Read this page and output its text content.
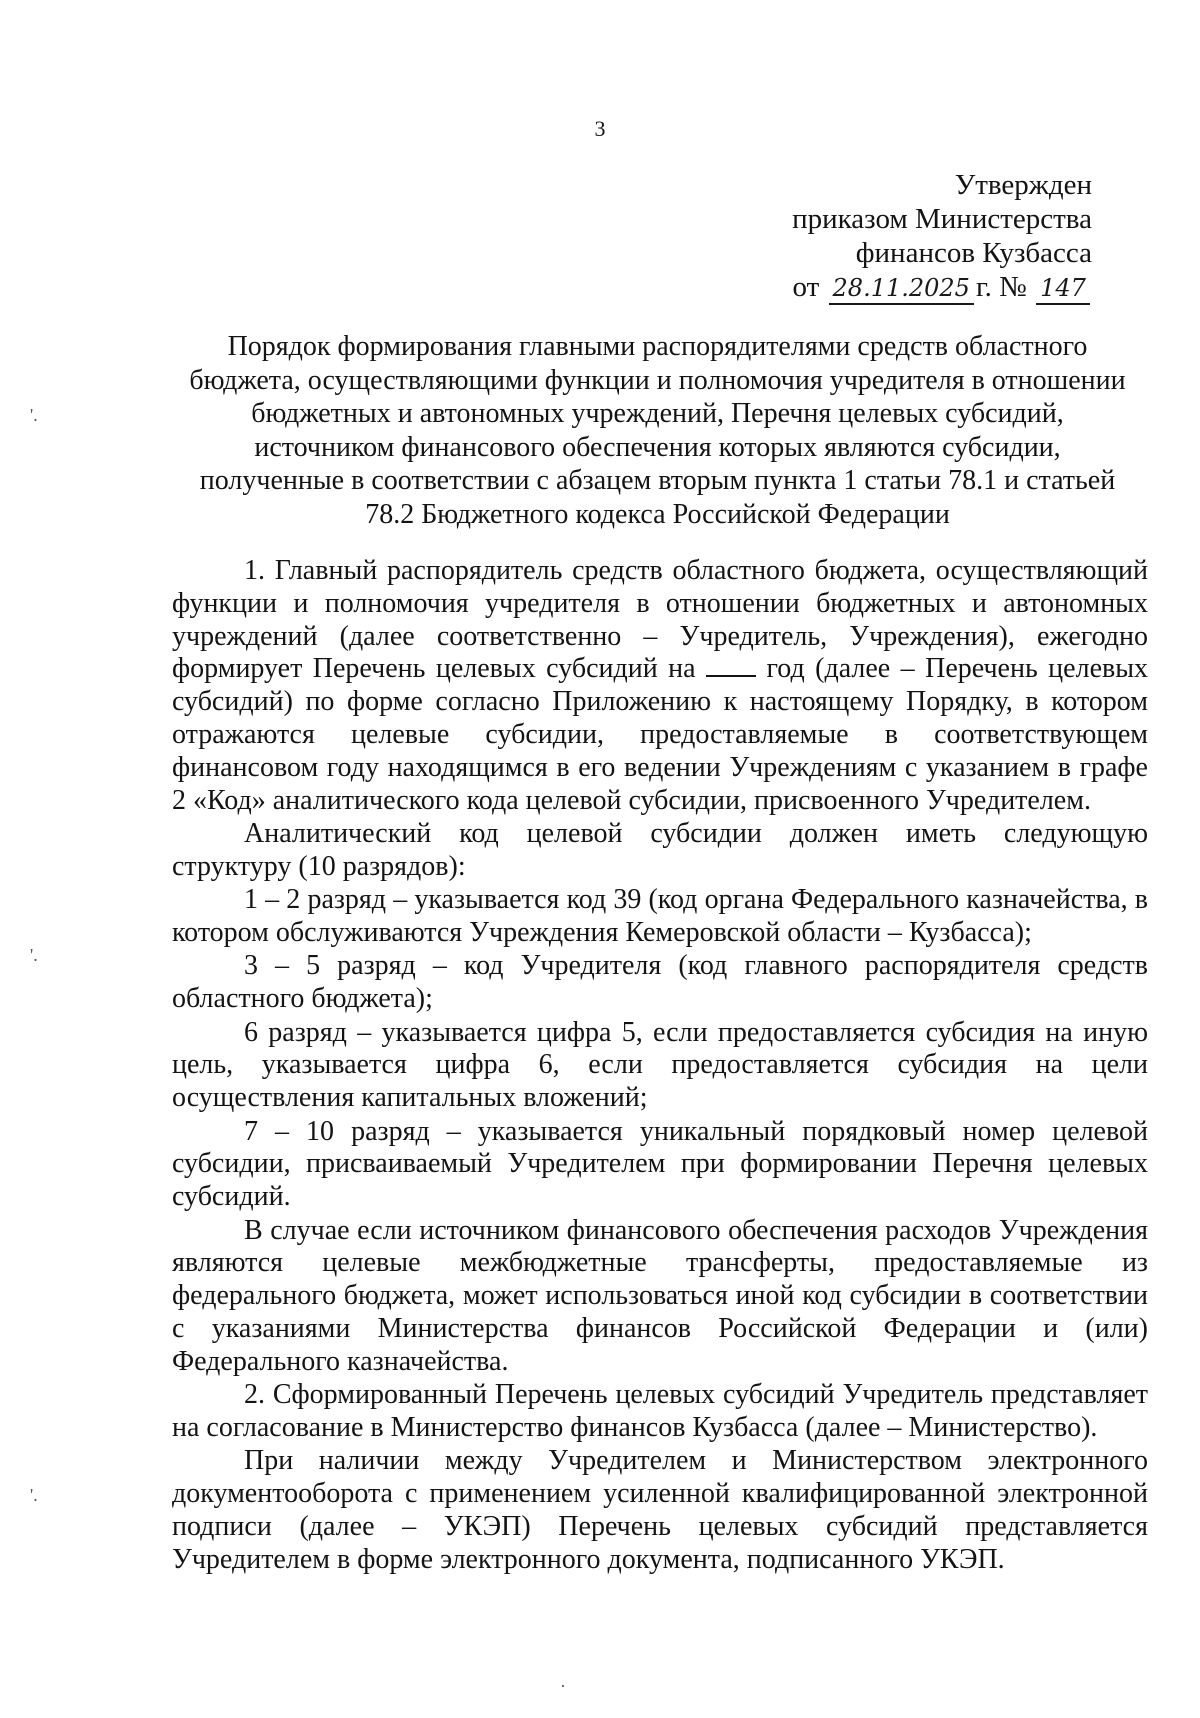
3
Утвержден
приказом Министерства
финансов Кузбасса
от 28.11.2025 г. № 147
Порядок формирования главными распорядителями средств областного
бюджета, осуществляющими функции и полномочия учредителя в отношении
бюджетных и автономных учреждений, Перечня целевых субсидий,
источником финансового обеспечения которых являются субсидии,
полученные в соответствии с абзацем вторым пункта 1 статьи 78.1 и статьей
78.2 Бюджетного кодекса Российской Федерации

1. Главный распорядитель средств областного бюджета, осуществляющий функции и полномочия учредителя в отношении бюджетных и автономных учреждений (далее соответственно – Учредитель, Учреждения), ежегодно формирует Перечень целевых субсидий на	год (далее – Перечень целевых субсидий) по форме согласно Приложению к настоящему Порядку, в котором отражаются целевые субсидии, предоставляемые в соответствующем финансовом году находящимся в его ведении Учреждениям с указанием в графе 2 «Код» аналитического кода целевой субсидии, присвоенного Учредителем.

Аналитический код целевой субсидии должен иметь следующую структуру (10 разрядов):

1 – 2 разряд – указывается код 39 (код органа Федерального казначейства, в котором обслуживаются Учреждения Кемеровской области – Кузбасса);

3 – 5 разряд – код Учредителя (код главного распорядителя средств областного бюджета);

6 разряд – указывается цифра 5, если предоставляется субсидия на иную цель, указывается цифра 6, если предоставляется субсидия на цели осуществления капитальных вложений;

7 – 10 разряд – указывается уникальный порядковый номер целевой субсидии, присваиваемый Учредителем при формировании Перечня целевых субсидий.

В случае если источником финансового обеспечения расходов Учреждения являются целевые межбюджетные трансферты, предоставляемые из федерального бюджета, может использоваться иной код субсидии в соответствии с указаниями Министерства финансов Российской Федерации и (или) Федерального казначейства.

2. Сформированный Перечень целевых субсидий Учредитель представляет на согласование в Министерство финансов Кузбасса (далее – Министерство).

При наличии между Учредителем и Министерством электронного документооборота с применением усиленной квалифицированной электронной подписи (далее – УКЭП) Перечень целевых субсидий представляется Учредителем в форме электронного документа, подписанного УКЭП.

'.
'.
'.
·
